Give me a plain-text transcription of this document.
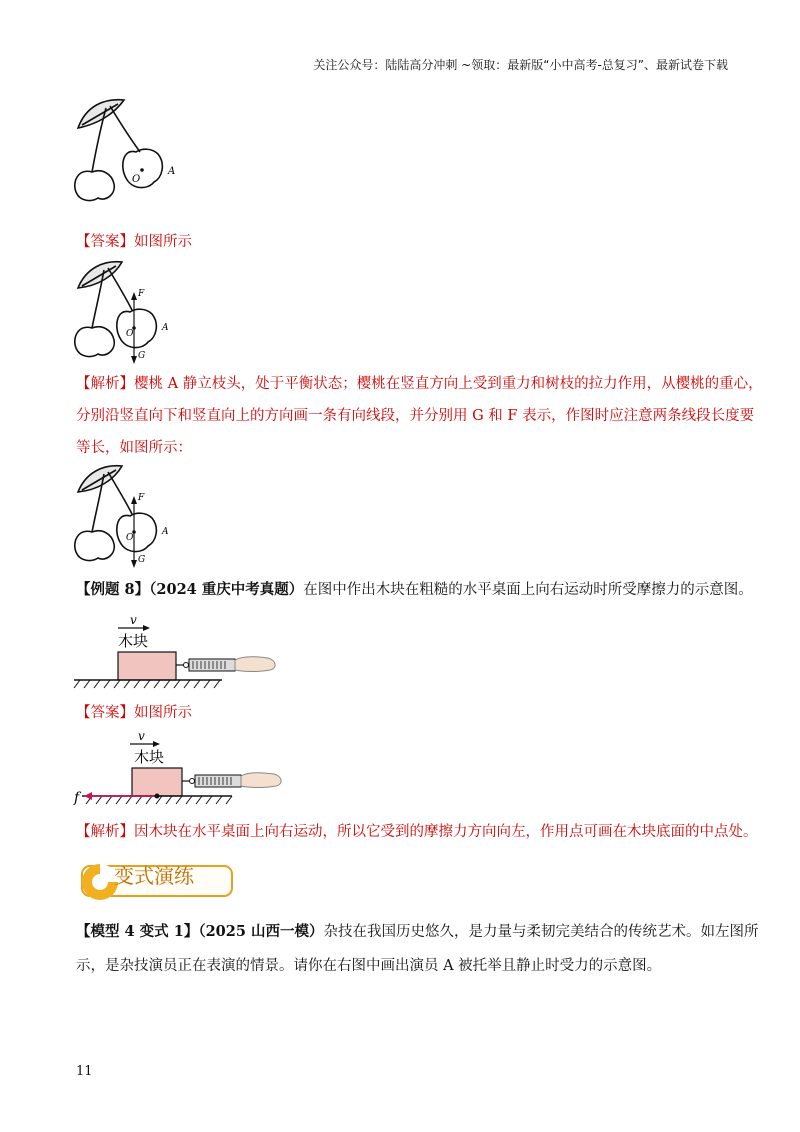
关注公众号：陆陆高分冲刺 ~领取：最新版“小中高考-总复习”、最新试卷下载
O
A
【答案】如图所示
F
G
O
A
【解析】樱桃 A 静立枝头，处于平衡状态；樱桃在竖直方向上受到重力和树枝的拉力作用，从樱桃的重心，
分别沿竖直向下和竖直向上的方向画一条有向线段，并分别用 G 和 F 表示，作图时应注意两条线段长度要
等长，如图所示：
F
G
O
A
【例题 8】（2024 重庆中考真题）在图中作出木块在粗糙的水平桌面上向右运动时所受摩擦力的示意图。
v
木块
【答案】如图所示
v
木块
f
【解析】因木块在水平桌面上向右运动，所以它受到的摩擦力方向向左，作用点可画在木块底面的中点处。
变式演练
【模型 4 变式 1】（2025 山西一模）杂技在我国历史悠久，是力量与柔韧完美结合的传统艺术。如左图所
示，是杂技演员正在表演的情景。请你在右图中画出演员 A 被托举且静止时受力的示意图。
11
